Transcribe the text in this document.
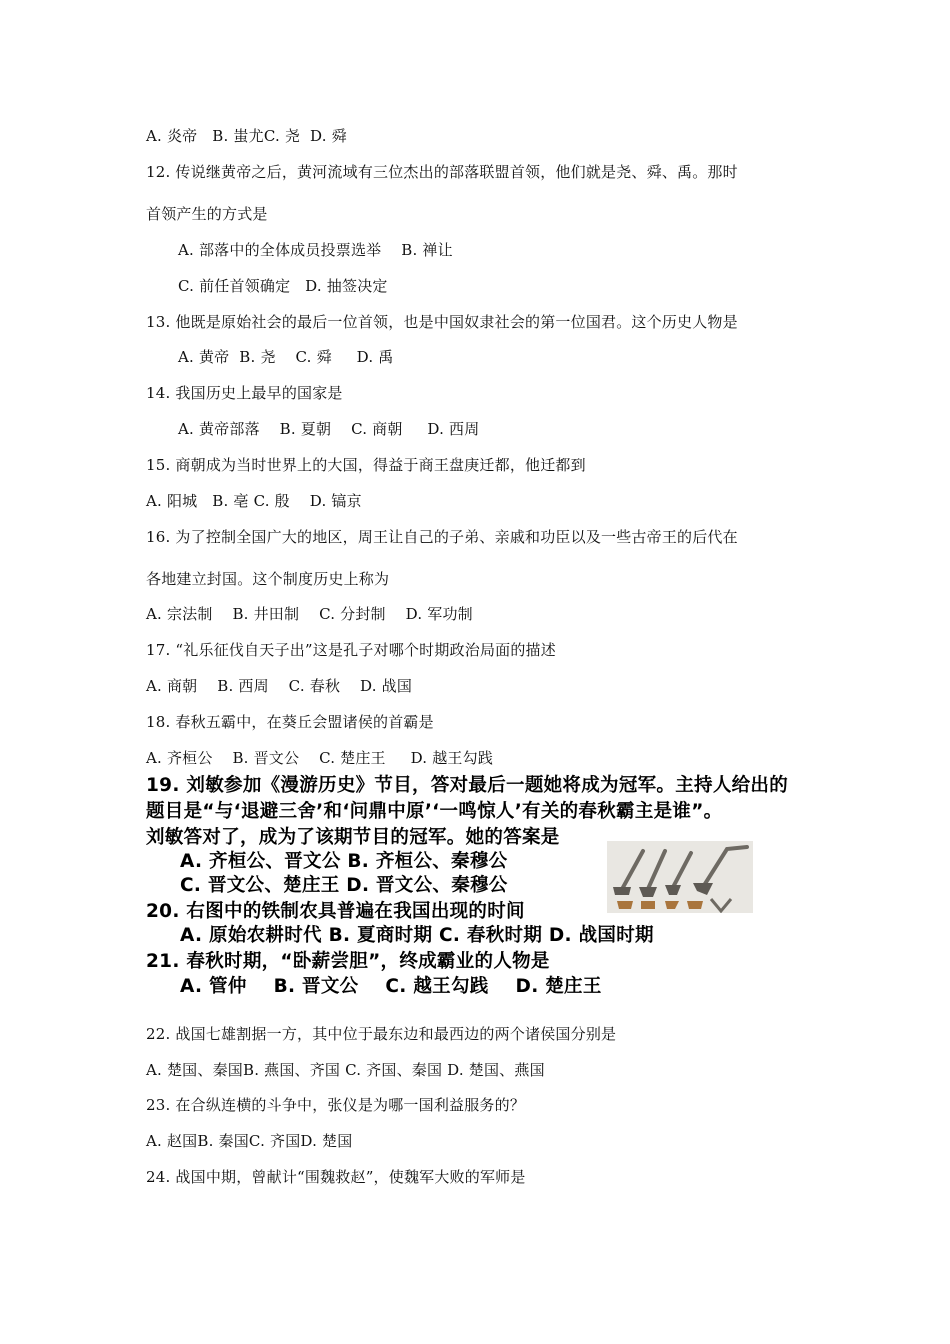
A. 炎帝   B. 蚩尤C. 尧  D. 舜
12. 传说继黄帝之后，黄河流域有三位杰出的部落联盟首领，他们就是尧、舜、禹。那时
首领产生的方式是
A. 部落中的全体成员投票选举    B. 禅让
C. 前任首领确定   D. 抽签决定
13. 他既是原始社会的最后一位首领，也是中国奴隶社会的第一位国君。这个历史人物是
A. 黄帝  B. 尧    C. 舜     D. 禹
14. 我国历史上最早的国家是
A. 黄帝部落    B. 夏朝    C. 商朝     D. 西周
15. 商朝成为当时世界上的大国，得益于商王盘庚迁都，他迁都到
A. 阳城   B. 亳 C. 殷    D. 镐京
16. 为了控制全国广大的地区，周王让自己的子弟、亲戚和功臣以及一些古帝王的后代在
各地建立封国。这个制度历史上称为
A. 宗法制    B. 井田制    C. 分封制    D. 军功制
17. “礼乐征伐自天子出”这是孔子对哪个时期政治局面的描述
A. 商朝    B. 西周    C. 春秋    D. 战国
18. 春秋五霸中，在葵丘会盟诸侯的首霸是
A. 齐桓公    B. 晋文公    C. 楚庄王     D. 越王勾践
19. 刘敏参加《漫游历史》节目，答对最后一题她将成为冠军。主持人给出的
题目是“与‘退避三舍’和‘问鼎中原’‘一鸣惊人’有关的春秋霸主是谁”。
刘敏答对了，成为了该期节目的冠军。她的答案是
A. 齐桓公、晋文公 B. 齐桓公、秦穆公
C. 晋文公、楚庄王 D. 晋文公、秦穆公
20. 右图中的铁制农具普遍在我国出现的时间
A. 原始农耕时代 B. 夏商时期 C. 春秋时期 D. 战国时期
21. 春秋时期，“卧薪尝胆”，终成霸业的人物是
A. 管仲    B. 晋文公    C. 越王勾践    D. 楚庄王
22. 战国七雄割据一方，其中位于最东边和最西边的两个诸侯国分别是
A. 楚国、秦国B. 燕国、齐国 C. 齐国、秦国 D. 楚国、燕国
23. 在合纵连横的斗争中，张仪是为哪一国利益服务的？
A. 赵国B. 秦国C. 齐国D. 楚国
24. 战国中期，曾献计“围魏救赵”，使魏军大败的军师是
